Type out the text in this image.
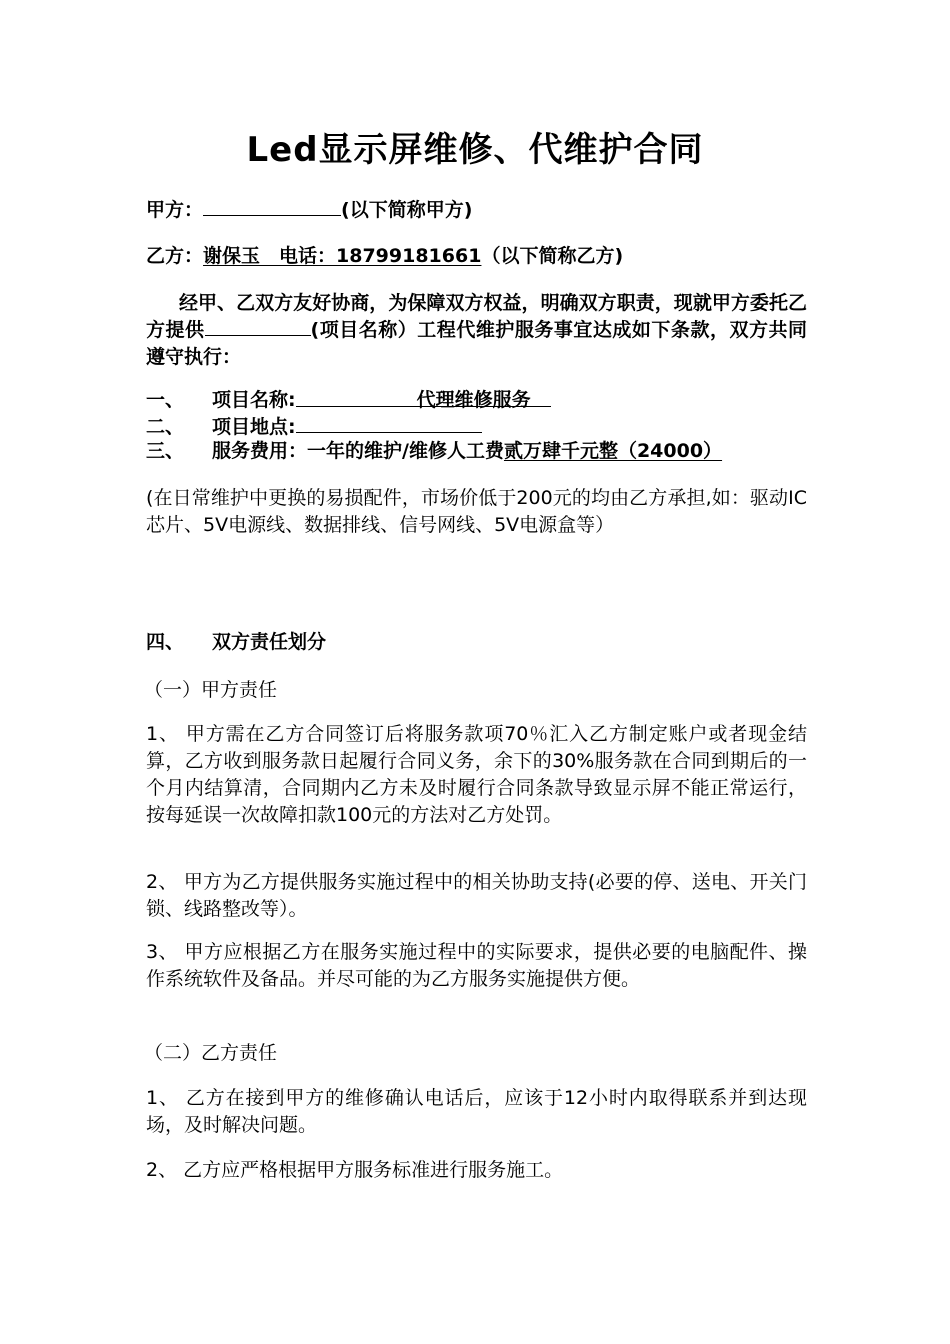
Led显示屏维修、代维护合同
甲方：	(以下简称甲方)
乙方：谢保玉　电话：18799181661（以下简称乙方)
经甲、乙双方友好协商，为保障双方权益，明确双方职责，现就甲方委托乙方提供	(项目名称）工程代维护服务事宜达成如下条款，双方共同遵守执行：
一、 项目名称:	代理维修服务
二、 项目地点:
三、 服务费用：一年的维护/维修人工费贰万肆千元整（24000）
(在日常维护中更换的易损配件，市场价低于200元的均由乙方承担,如：驱动IC芯片、5V电源线、数据排线、信号网线、5V电源盒等）
四、 双方责任划分
（一）甲方责任
1、 甲方需在乙方合同签订后将服务款项70％汇入乙方制定账户或者现金结算，乙方收到服务款日起履行合同义务，余下的30%服务款在合同到期后的一个月内结算清，合同期内乙方未及时履行合同条款导致显示屏不能正常运行，按每延误一次故障扣款100元的方法对乙方处罚。
2、 甲方为乙方提供服务实施过程中的相关协助支持(必要的停、送电、开关门锁、线路整改等）。
3、 甲方应根据乙方在服务实施过程中的实际要求，提供必要的电脑配件、操作系统软件及备品。并尽可能的为乙方服务实施提供方便。
（二）乙方责任
1、 乙方在接到甲方的维修确认电话后，应该于12小时内取得联系并到达现场，及时解决问题。
2、 乙方应严格根据甲方服务标准进行服务施工。
